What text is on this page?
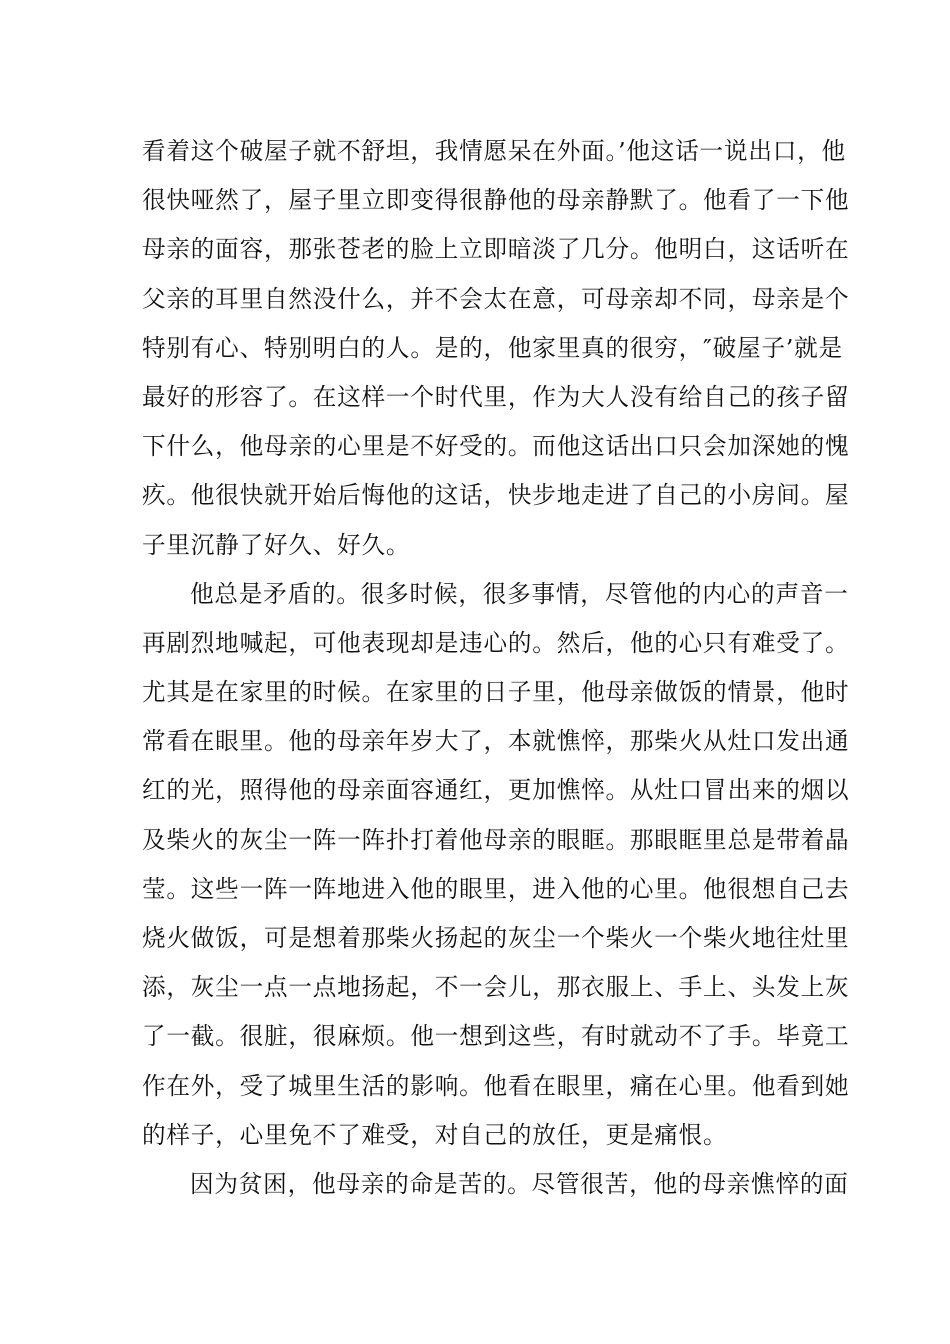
看着这个破屋子就不舒坦，我情愿呆在外面。’他这话一说出口，他
很快哑然了，屋子里立即变得很静他的母亲静默了。他看了一下他
母亲的面容，那张苍老的脸上立即暗淡了几分。他明白，这话听在
父亲的耳里自然没什么，并不会太在意，可母亲却不同，母亲是个
特别有心、特别明白的人。是的，他家里真的很穷，″破屋子’就是
最好的形容了。在这样一个时代里，作为大人没有给自己的孩子留
下什么，他母亲的心里是不好受的。而他这话出口只会加深她的愧
疚。他很快就开始后悔他的这话，快步地走进了自己的小房间。屋
子里沉静了好久、好久。
他总是矛盾的。很多时候，很多事情，尽管他的内心的声音一
再剧烈地喊起，可他表现却是违心的。然后，他的心只有难受了。
尤其是在家里的时候。在家里的日子里，他母亲做饭的情景，他时
常看在眼里。他的母亲年岁大了，本就憔悴，那柴火从灶口发出通
红的光，照得他的母亲面容通红，更加憔悴。从灶口冒出来的烟以
及柴火的灰尘一阵一阵扑打着他母亲的眼眶。那眼眶里总是带着晶
莹。这些一阵一阵地进入他的眼里，进入他的心里。他很想自己去
烧火做饭，可是想着那柴火扬起的灰尘一个柴火一个柴火地往灶里
添，灰尘一点一点地扬起，不一会儿，那衣服上、手上、头发上灰
了一截。很脏，很麻烦。他一想到这些，有时就动不了手。毕竟工
作在外，受了城里生活的影响。他看在眼里，痛在心里。他看到她
的样子，心里免不了难受，对自己的放任，更是痛恨。
因为贫困，他母亲的命是苦的。尽管很苦，他的母亲憔悴的面
